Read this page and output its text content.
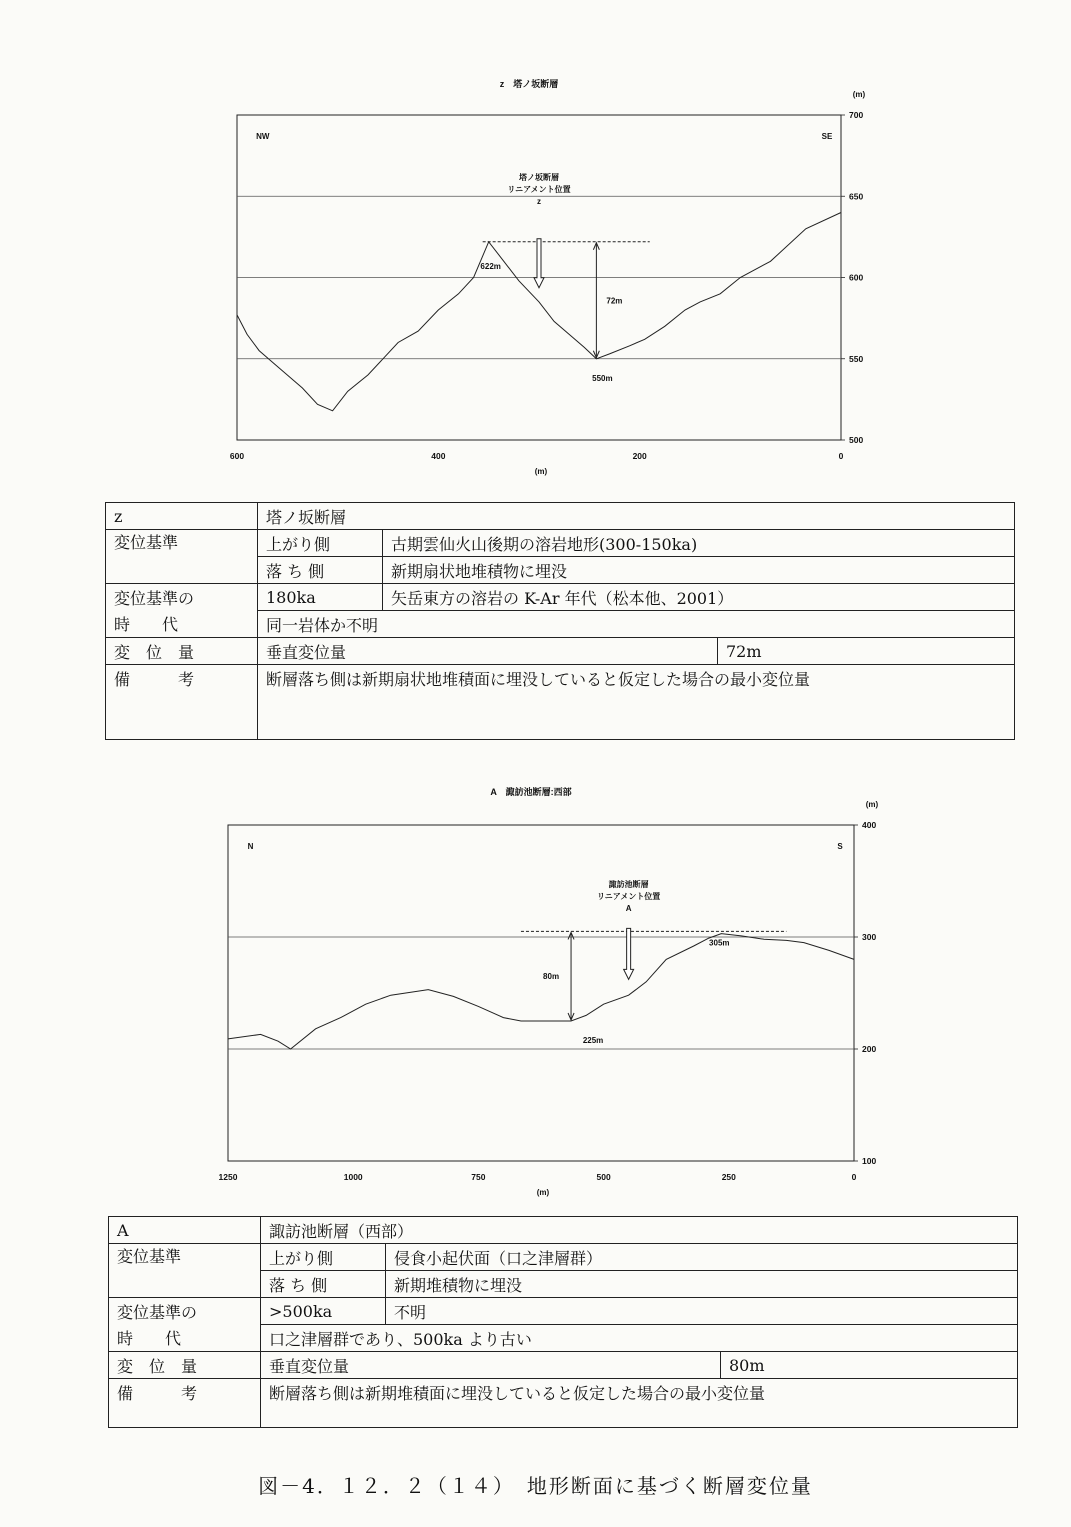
z　塔ノ坂断層
700
650
600
550
500
(m)
600	400	200	0
(m)
NW	SE
72m
622m
550m
塔ノ坂断層
リニアメント位置
z
z	塔ノ坂断層		
変位基準	上がり側	古期雲仙火山後期の溶岩地形(300-150ka)	
	落 ち 側	新期扇状地堆積物に埋没	
変位基準の	180ka	矢岳東方の溶岩の K-Ar 年代（松本他、2001）	
時　　代	同一岩体か不明		
変　位　量	垂直変位量		72m
備　　　考	断層落ち側は新期扇状地堆積面に埋没していると仮定した場合の最小変位量		
A　諏訪池断層:西部
400
300
200
100
(m)
1250	1000	750	500	250	0
(m)
N	S
80m
305m
225m
諏訪池断層
リニアメント位置
A
A	諏訪池断層（西部）		
変位基準	上がり側	侵食小起伏面（口之津層群）	
	落 ち 側	新期堆積物に埋没	
変位基準の	>500ka	不明	
時　　代	口之津層群であり、500ka より古い		
変　位　量	垂直変位量		80m
備　　　考	断層落ち側は新期堆積面に埋没していると仮定した場合の最小変位量		
図－4．１２．２（１４）　地形断面に基づく断層変位量
